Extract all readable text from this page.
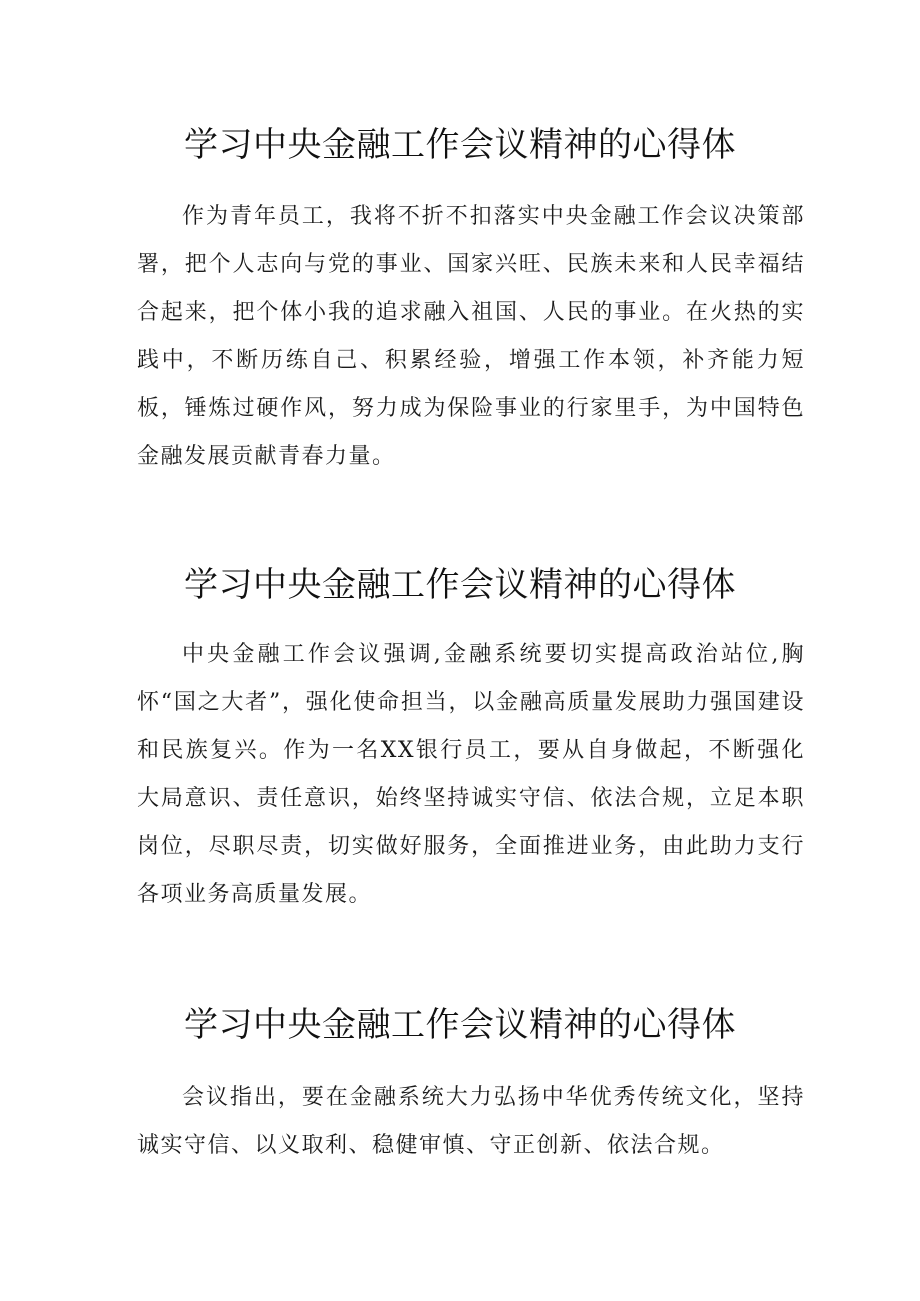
学习中央金融工作会议精神的心得体

作为青年员工，我将不折不扣落实中央金融工作会议决策部署，把个人志向与党的事业、国家兴旺、民族未来和人民幸福结合起来，把个体小我的追求融入祖国、人民的事业。在火热的实践中，不断历练自己、积累经验，增强工作本领，补齐能力短板，锤炼过硬作风，努力成为保险事业的行家里手，为中国特色金融发展贡献青春力量。

学习中央金融工作会议精神的心得体

中央金融工作会议强调,金融系统要切实提高政治站位,胸怀“国之大者”，强化使命担当，以金融高质量发展助力强国建设和民族复兴。作为一名XX银行员工，要从自身做起，不断强化大局意识、责任意识，始终坚持诚实守信、依法合规，立足本职岗位，尽职尽责，切实做好服务，全面推进业务，由此助力支行各项业务高质量发展。

学习中央金融工作会议精神的心得体

会议指出，要在金融系统大力弘扬中华优秀传统文化，坚持诚实守信、以义取利、稳健审慎、守正创新、依法合规。
